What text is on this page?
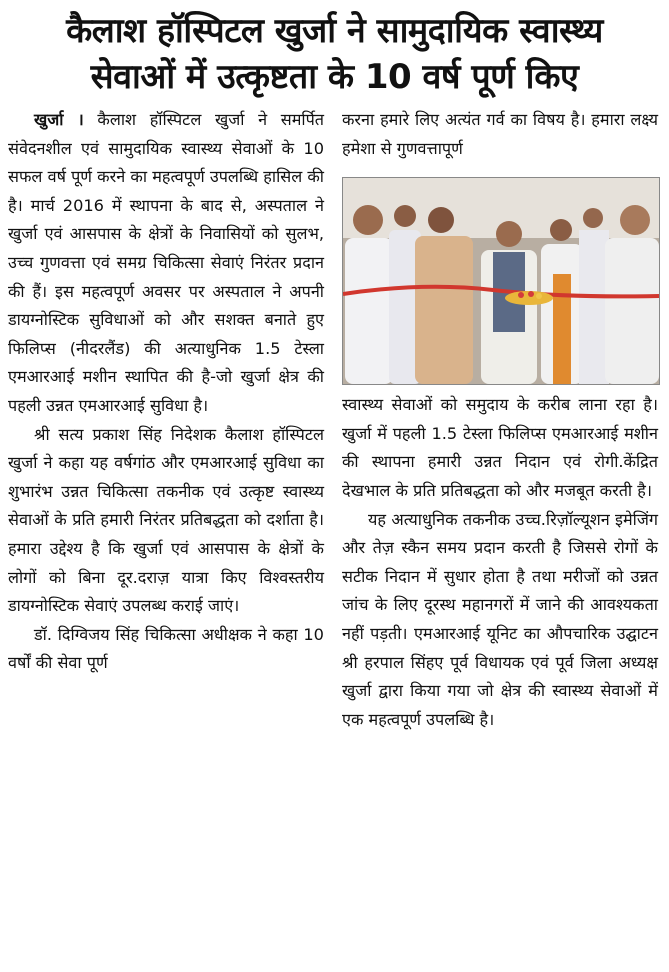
कैलाश हॉस्पिटल खुर्जा ने सामुदायिक स्वास्थ्य
सेवाओं में उत्कृष्टता के 10 वर्ष पूर्ण किए

खुर्जा । कैलाश हॉस्पिटल खुर्जा ने समर्पित संवेदनशील एवं सामुदायिक स्वास्थ्य सेवाओं के 10 सफल वर्ष पूर्ण करने का महत्वपूर्ण उपलब्धि हासिल की है। मार्च 2016 में स्थापना के बाद से, अस्पताल ने खुर्जा एवं आसपास के क्षेत्रों के निवासियों को सुलभ, उच्च गुणवत्ता एवं समग्र चिकित्सा सेवाएं निरंतर प्रदान की हैं। इस महत्वपूर्ण अवसर पर अस्पताल ने अपनी डायग्नोस्टिक सुविधाओं को और सशक्त बनाते हुए फिलिप्स (नीदरलैंड) की अत्याधुनिक 1.5 टेस्ला एमआरआई मशीन स्थापित की है-जो खुर्जा क्षेत्र की पहली उन्नत एमआरआई सुविधा है।

श्री सत्य प्रकाश सिंह निदेशक कैलाश हॉस्पिटल खुर्जा ने कहा यह वर्षगांठ और एमआरआई सुविधा का शुभारंभ उन्नत चिकित्सा तकनीक एवं उत्कृष्ट स्वास्थ्य सेवाओं के प्रति हमारी निरंतर प्रतिबद्धता को दर्शाता है। हमारा उद्देश्य है कि खुर्जा एवं आसपास के क्षेत्रों के लोगों को बिना दूर.दराज़ यात्रा किए विश्वस्तरीय डायग्नोस्टिक सेवाएं उपलब्ध कराई जाएं।

डॉ. दिग्विजय सिंह चिकित्सा अधीक्षक ने कहा 10 वर्षों की सेवा पूर्ण

करना हमारे लिए अत्यंत गर्व का विषय है। हमारा लक्ष्य हमेशा से गुणवत्तापूर्ण

स्वास्थ्य सेवाओं को समुदाय के करीब लाना रहा है। खुर्जा में पहली 1.5 टेस्ला फिलिप्स एमआरआई मशीन की स्थापना हमारी उन्नत निदान एवं रोगी.केंद्रित देखभाल के प्रति प्रतिबद्धता को और मजबूत करती है।

यह अत्याधुनिक तकनीक उच्च.रिज़ॉल्यूशन इमेजिंग और तेज़ स्कैन समय प्रदान करती है जिससे रोगों के सटीक निदान में सुधार होता है तथा मरीजों को उन्नत जांच के लिए दूरस्थ महानगरों में जाने की आवश्यकता नहीं पड़ती। एमआरआई यूनिट का औपचारिक उद्घाटन श्री हरपाल सिंहए पूर्व विधायक एवं पूर्व जिला अध्यक्ष खुर्जा द्वारा किया गया जो क्षेत्र की स्वास्थ्य सेवाओं में एक महत्वपूर्ण उपलब्धि है।
